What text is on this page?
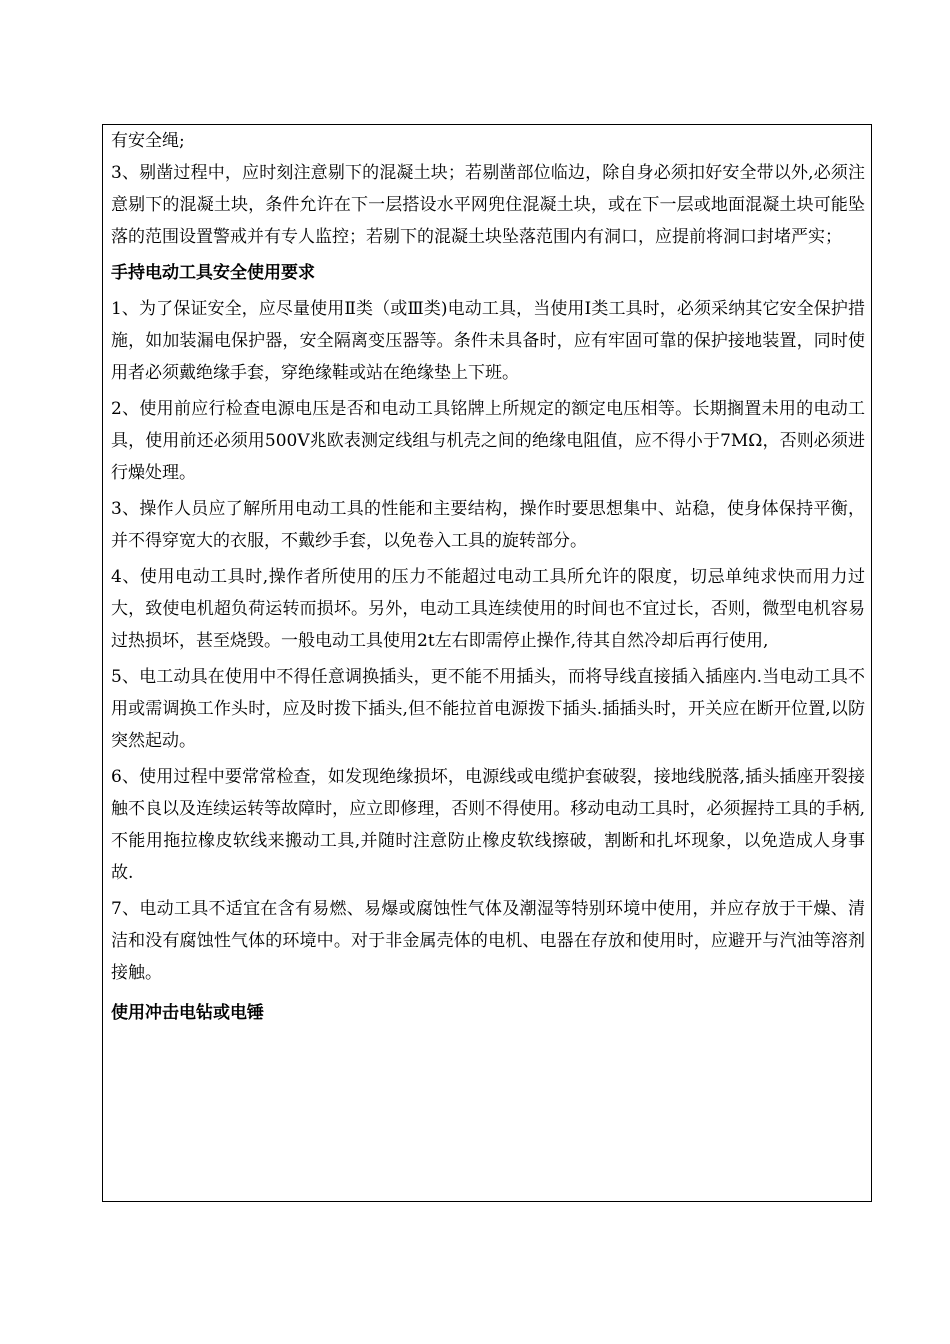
有安全绳;

3、剔凿过程中，应时刻注意剔下的混凝土块；若剔凿部位临边，除自身必须扣好安全带以外,必须注意剔下的混凝土块，条件允许在下一层搭设水平网兜住混凝土块，或在下一层或地面混凝土块可能坠落的范围设置警戒并有专人监控；若剔下的混凝土块坠落范围内有洞口，应提前将洞口封堵严实；

手持电动工具安全使用要求

1、为了保证安全，应尽量使用Ⅱ类（或Ⅲ类)电动工具，当使用Ⅰ类工具时，必须采纳其它安全保护措施，如加装漏电保护器，安全隔离变压器等。条件未具备时，应有牢固可靠的保护接地装置，同时使用者必须戴绝缘手套，穿绝缘鞋或站在绝缘垫上下班。

2、使用前应行检查电源电压是否和电动工具铭牌上所规定的额定电压相等。长期搁置未用的电动工具，使用前还必须用500V兆欧表测定线组与机壳之间的绝缘电阻值，应不得小于7MΩ，否则必须进行燥处理。

3、操作人员应了解所用电动工具的性能和主要结构，操作时要思想集中、站稳，使身体保持平衡，并不得穿宽大的衣服，不戴纱手套，以免卷入工具的旋转部分。

4、使用电动工具时,操作者所使用的压力不能超过电动工具所允许的限度，切忌单纯求快而用力过大，致使电机超负荷运转而损坏。另外，电动工具连续使用的时间也不宜过长，否则，微型电机容易过热损坏，甚至烧毁。一般电动工具使用2t左右即需停止操作,待其自然冷却后再行使用,

5、电工动具在使用中不得任意调换插头，更不能不用插头，而将导线直接插入插座内.当电动工具不用或需调换工作头时，应及时拨下插头,但不能拉首电源拨下插头.插插头时，开关应在断开位置,以防突然起动。

6、使用过程中要常常检查，如发现绝缘损坏，电源线或电缆护套破裂，接地线脱落,插头插座开裂接触不良以及连续运转等故障时，应立即修理，否则不得使用。移动电动工具时，必须握持工具的手柄,不能用拖拉橡皮软线来搬动工具,并随时注意防止橡皮软线擦破，割断和扎坏现象，以免造成人身事故.

7、电动工具不适宜在含有易燃、易爆或腐蚀性气体及潮湿等特别环境中使用，并应存放于干燥、清洁和没有腐蚀性气体的环境中。对于非金属壳体的电机、电器在存放和使用时，应避开与汽油等溶剂接触。

使用冲击电钻或电锤
